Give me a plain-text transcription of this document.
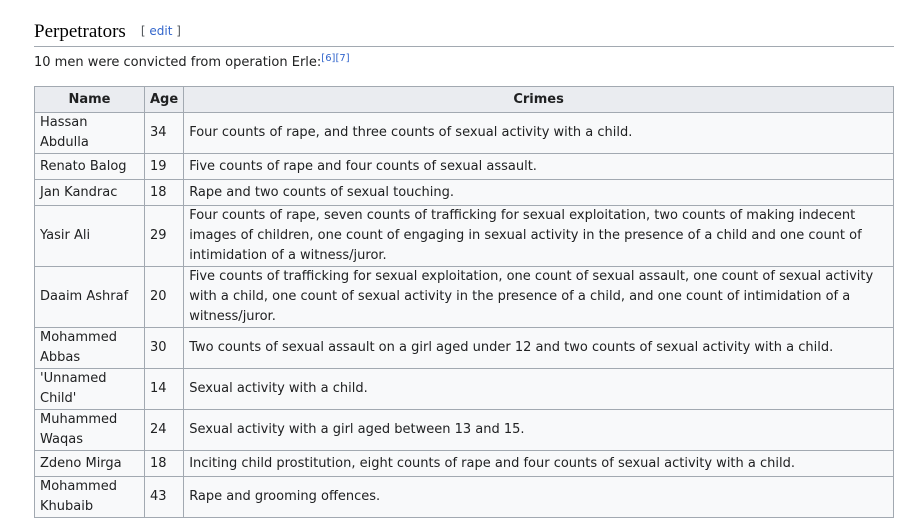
Perpetrators [ edit ]

10 men were convicted from operation Erle:[6][7]

Name	Age	Crimes
Hassan Abdulla	34	Four counts of rape, and three counts of sexual activity with a child.
Renato Balog	19	Five counts of rape and four counts of sexual assault.
Jan Kandrac	18	Rape and two counts of sexual touching.
Yasir Ali	29	Four counts of rape, seven counts of trafficking for sexual exploitation, two counts of making indecent images of children, one count of engaging in sexual activity in the presence of a child and one count of intimidation of a witness/juror.
Daaim Ashraf	20	Five counts of trafficking for sexual exploitation, one count of sexual assault, one count of sexual activity with a child, one count of sexual activity in the presence of a child, and one count of intimidation of a witness/juror.
Mohammed Abbas	30	Two counts of sexual assault on a girl aged under 12 and two counts of sexual activity with a child.
'Unnamed Child'	14	Sexual activity with a child.
Muhammed Waqas	24	Sexual activity with a girl aged between 13 and 15.
Zdeno Mirga	18	Inciting child prostitution, eight counts of rape and four counts of sexual activity with a child.
Mohammed Khubaib	43	Rape and grooming offences.
